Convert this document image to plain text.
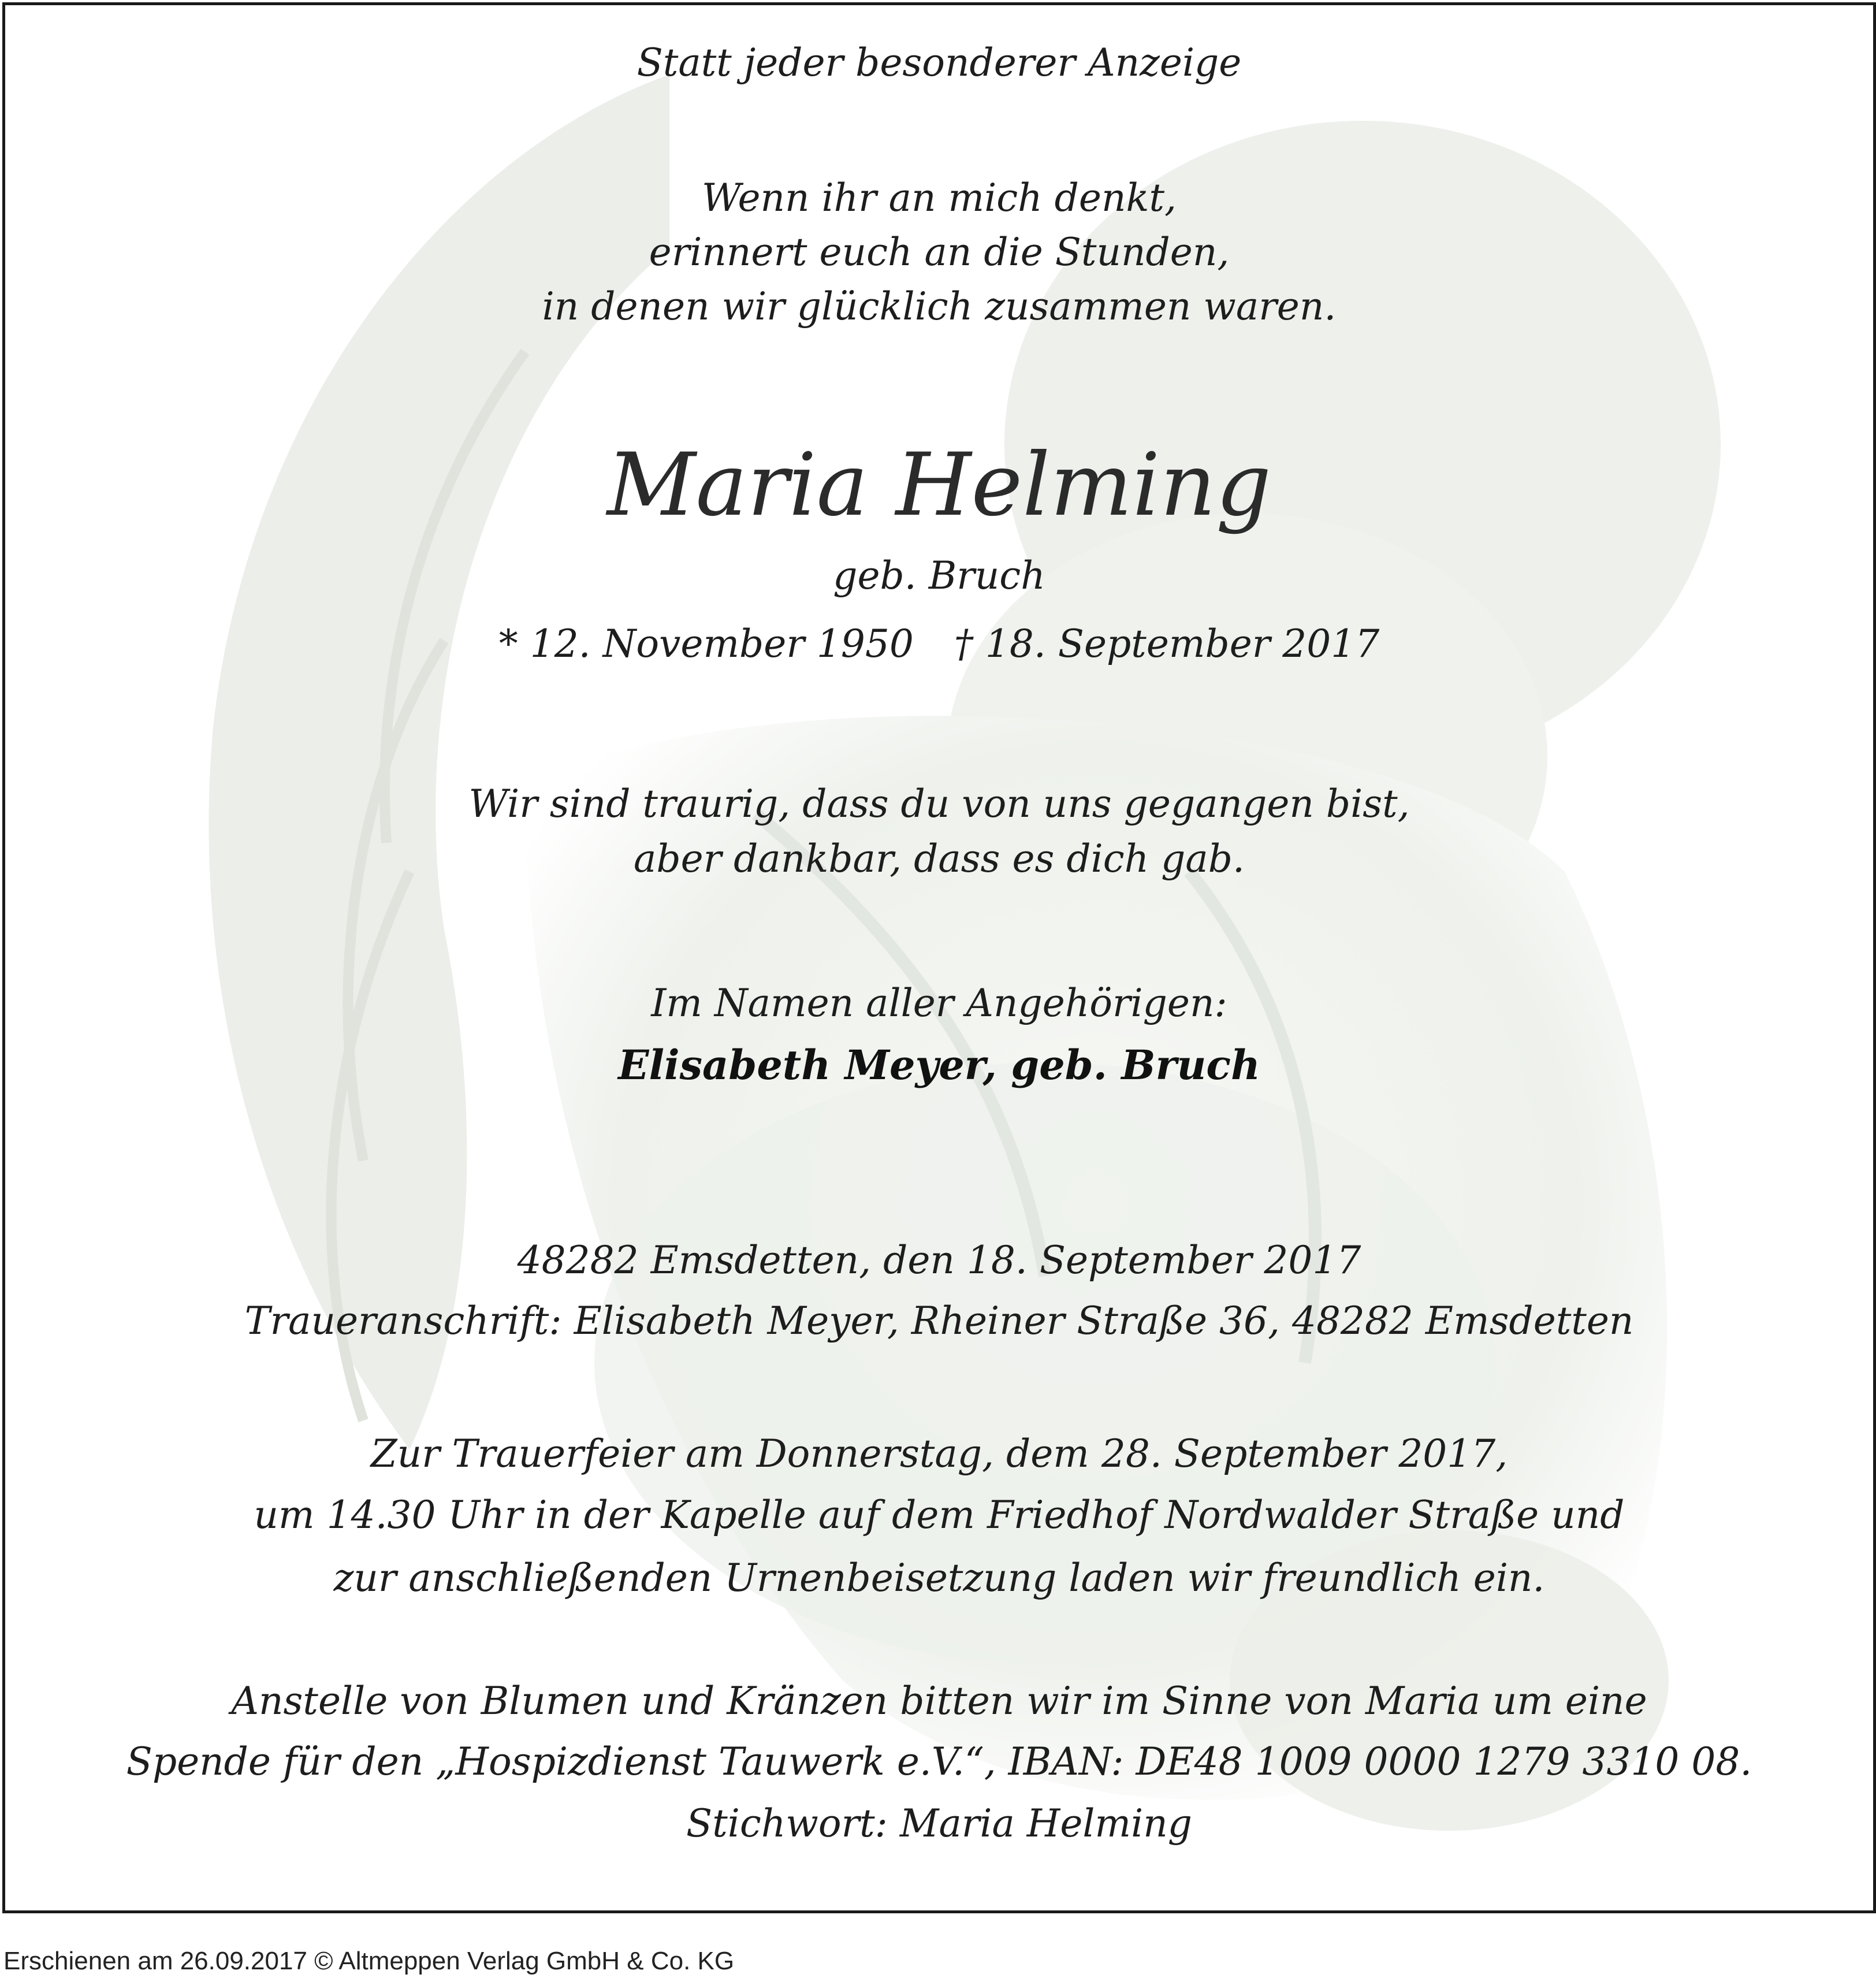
Statt jeder besonderer Anzeige
Wenn ihr an mich denkt,
erinnert euch an die Stunden,
in denen wir glücklich zusammen waren.
Maria Helming
geb. Bruch
* 12. November 1950 † 18. September 2017
Wir sind traurig, dass du von uns gegangen bist,
aber dankbar, dass es dich gab.
Im Namen aller Angehörigen:
Elisabeth Meyer, geb. Bruch
48282 Emsdetten, den 18. September 2017
Traueranschrift: Elisabeth Meyer, Rheiner Straße 36, 48282 Emsdetten
Zur Trauerfeier am Donnerstag, dem 28. September 2017,
um 14.30 Uhr in der Kapelle auf dem Friedhof Nordwalder Straße und
zur anschließenden Urnenbeisetzung laden wir freundlich ein.
Anstelle von Blumen und Kränzen bitten wir im Sinne von Maria um eine
Spende für den „Hospizdienst Tauwerk e.V.“, IBAN: DE48 1009 0000 1279 3310 08.
Stichwort: Maria Helming
Erschienen am 26.09.2017 © Altmeppen Verlag GmbH & Co. KG
